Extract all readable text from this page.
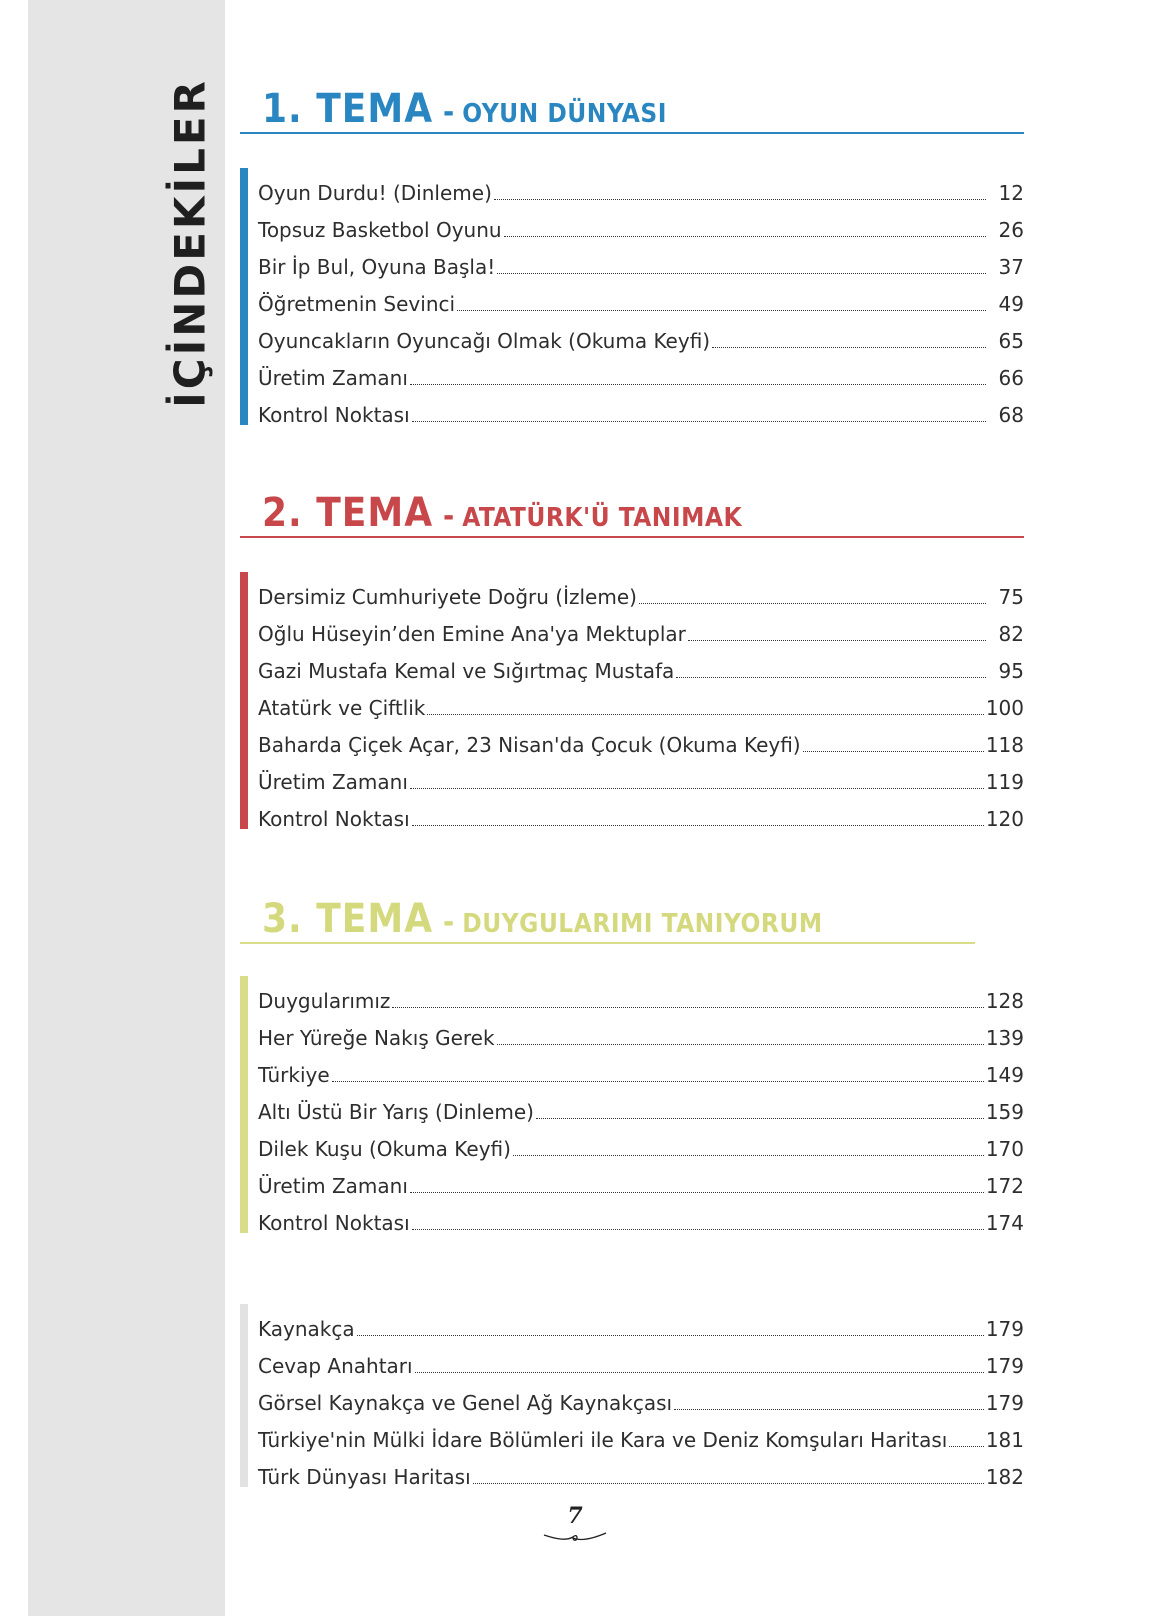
İÇİNDEKİLER	1. TEMA - OYUN DÜNYASI
Oyun Durdu! (Dinleme)	12
Topsuz Basketbol Oyunu	26
Bir İp Bul, Oyuna Başla!	37
Öğretmenin Sevinci	49
Oyuncakların Oyuncağı Olmak (Okuma Keyfi)	65
Üretim Zamanı	66
Kontrol Noktası	68
2. TEMA - ATATÜRK'Ü TANIMAK
Dersimiz Cumhuriyete Doğru (İzleme)	75
Oğlu Hüseyin’den Emine Ana'ya Mektuplar	82
Gazi Mustafa Kemal ve Sığırtmaç Mustafa	95
Atatürk ve Çiftlik	100
Baharda Çiçek Açar, 23 Nisan'da Çocuk (Okuma Keyfi)	118
Üretim Zamanı	119
Kontrol Noktası	120
3. TEMA - DUYGULARIMI TANIYORUM
Duygularımız	128
Her Yüreğe Nakış Gerek	139
Türkiye	149
Altı Üstü Bir Yarış (Dinleme)	159
Dilek Kuşu (Okuma Keyfi)	170
Üretim Zamanı	172
Kontrol Noktası	174
Kaynakça	179
Cevap Anahtarı	179
Görsel Kaynakça ve Genel Ağ Kaynakçası	179
Türkiye'nin Mülki İdare Bölümleri ile Kara ve Deniz Komşuları Haritası 181
Türk Dünyası Haritası	182
7
